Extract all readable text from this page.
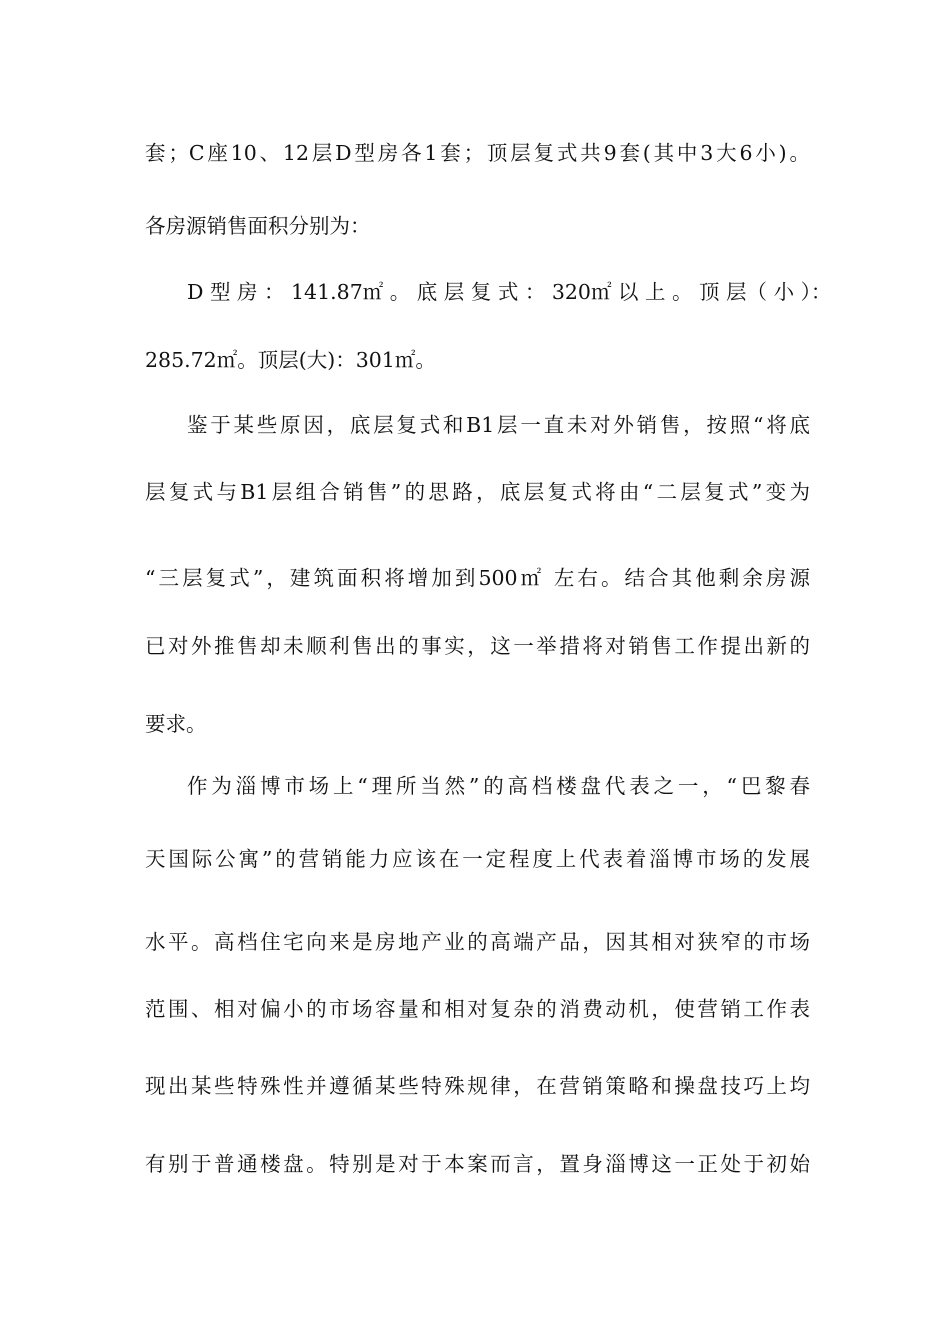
套；C座10、12层D型房各1套；顶层复式共9套(其中3大6小)。
各房源销售面积分别为：
D 型 房 ： 141.87㎡ 。 底 层 复 式 ： 320㎡ 以 上 。 顶 层（ 小 ）：
285.72㎡。顶层(大)：301㎡。
鉴于某些原因，底层复式和B1层一直未对外销售，按照“将底
层复式与B1层组合销售”的思路，底层复式将由“二层复式”变为
“三层复式”，建筑面积将增加到500㎡ 左右。结合其他剩余房源
已对外推售却未顺利售出的事实，这一举措将对销售工作提出新的
要求。
作为淄博市场上“理所当然”的高档楼盘代表之一，“巴黎春
天国际公寓”的营销能力应该在一定程度上代表着淄博市场的发展
水平。高档住宅向来是房地产业的高端产品，因其相对狭窄的市场
范围、相对偏小的市场容量和相对复杂的消费动机，使营销工作表
现出某些特殊性并遵循某些特殊规律，在营销策略和操盘技巧上均
有别于普通楼盘。特别是对于本案而言，置身淄博这一正处于初始
